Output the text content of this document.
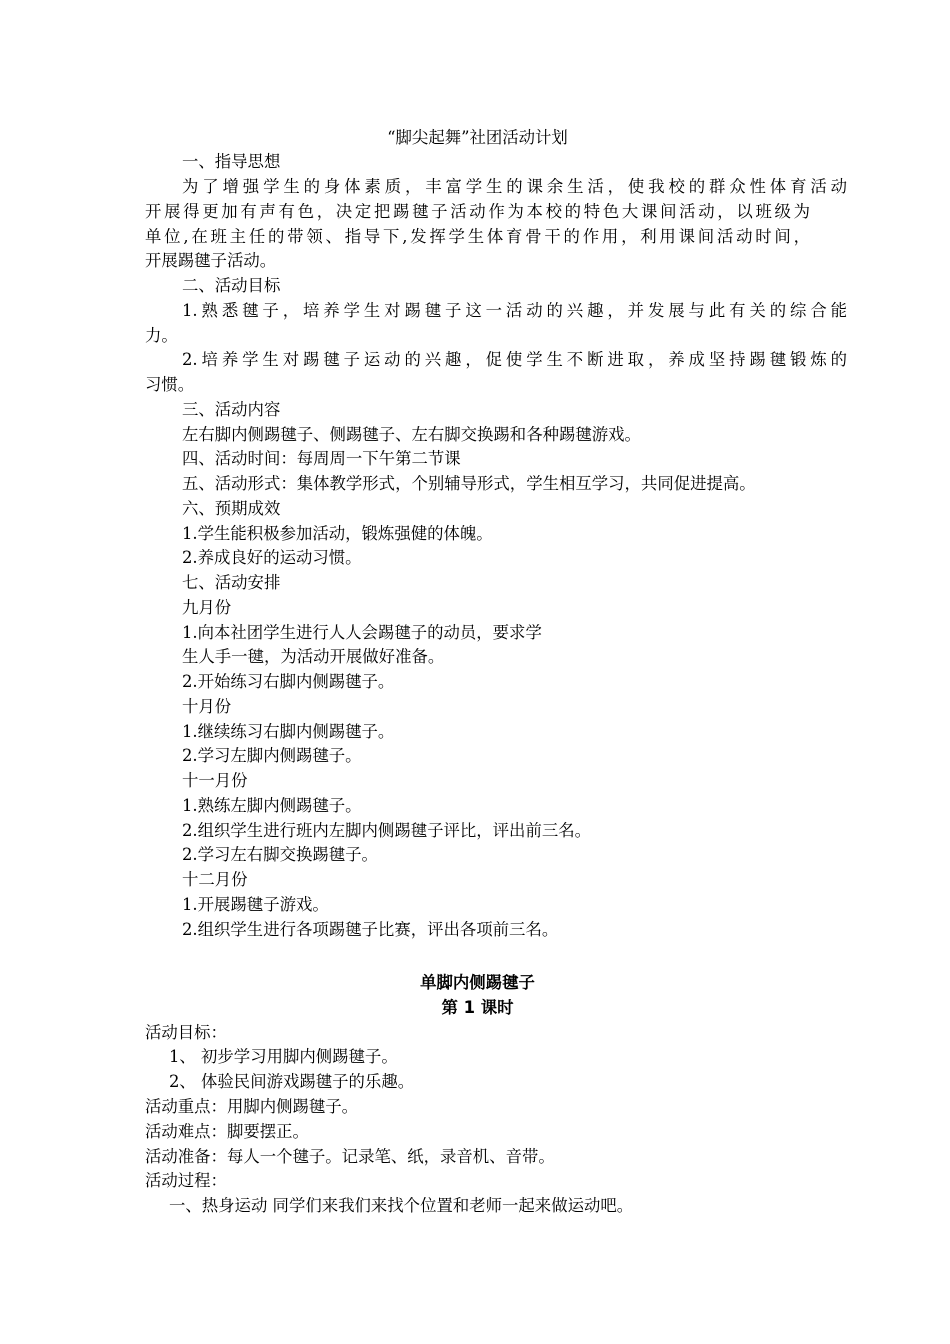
“脚尖起舞”社团活动计划
一、指导思想
为了增强学生的身体素质，丰富学生的课余生活，使我校的群众性体育活动
开展得更加有声有色，决定把踢毽子活动作为本校的特色大课间活动，以班级为
单位,在班主任的带领、指导下,发挥学生体育骨干的作用，利用课间活动时间，
开展踢毽子活动。
二、活动目标
1.熟悉毽子，培养学生对踢毽子这一活动的兴趣，并发展与此有关的综合能
力。
2.培养学生对踢毽子运动的兴趣，促使学生不断进取，养成坚持踢毽锻炼的
习惯。
三、活动内容
左右脚内侧踢毽子、侧踢毽子、左右脚交换踢和各种踢毽游戏。
四、活动时间：每周周一下午第二节课
五、活动形式：集体教学形式，个别辅导形式，学生相互学习，共同促进提高。
六、预期成效
1.学生能积极参加活动，锻炼强健的体魄。
2.养成良好的运动习惯。
七、活动安排
九月份
1.向本社团学生进行人人会踢毽子的动员，要求学
生人手一毽，为活动开展做好准备。
2.开始练习右脚内侧踢毽子。
十月份
1.继续练习右脚内侧踢毽子。
2.学习左脚内侧踢毽子。
十一月份
1.熟练左脚内侧踢毽子。
2.组织学生进行班内左脚内侧踢毽子评比，评出前三名。
2.学习左右脚交换踢毽子。
十二月份
1.开展踢毽子游戏。
2.组织学生进行各项踢毽子比赛，评出各项前三名。
单脚内侧踢毽子
第 1 课时
活动目标：
1、 初步学习用脚内侧踢毽子。
2、 体验民间游戏踢毽子的乐趣。
活动重点：用脚内侧踢毽子。
活动难点：脚要摆正。
活动准备：每人一个毽子。记录笔、纸，录音机、音带。
活动过程：
一、热身运动 同学们来我们来找个位置和老师一起来做运动吧。
